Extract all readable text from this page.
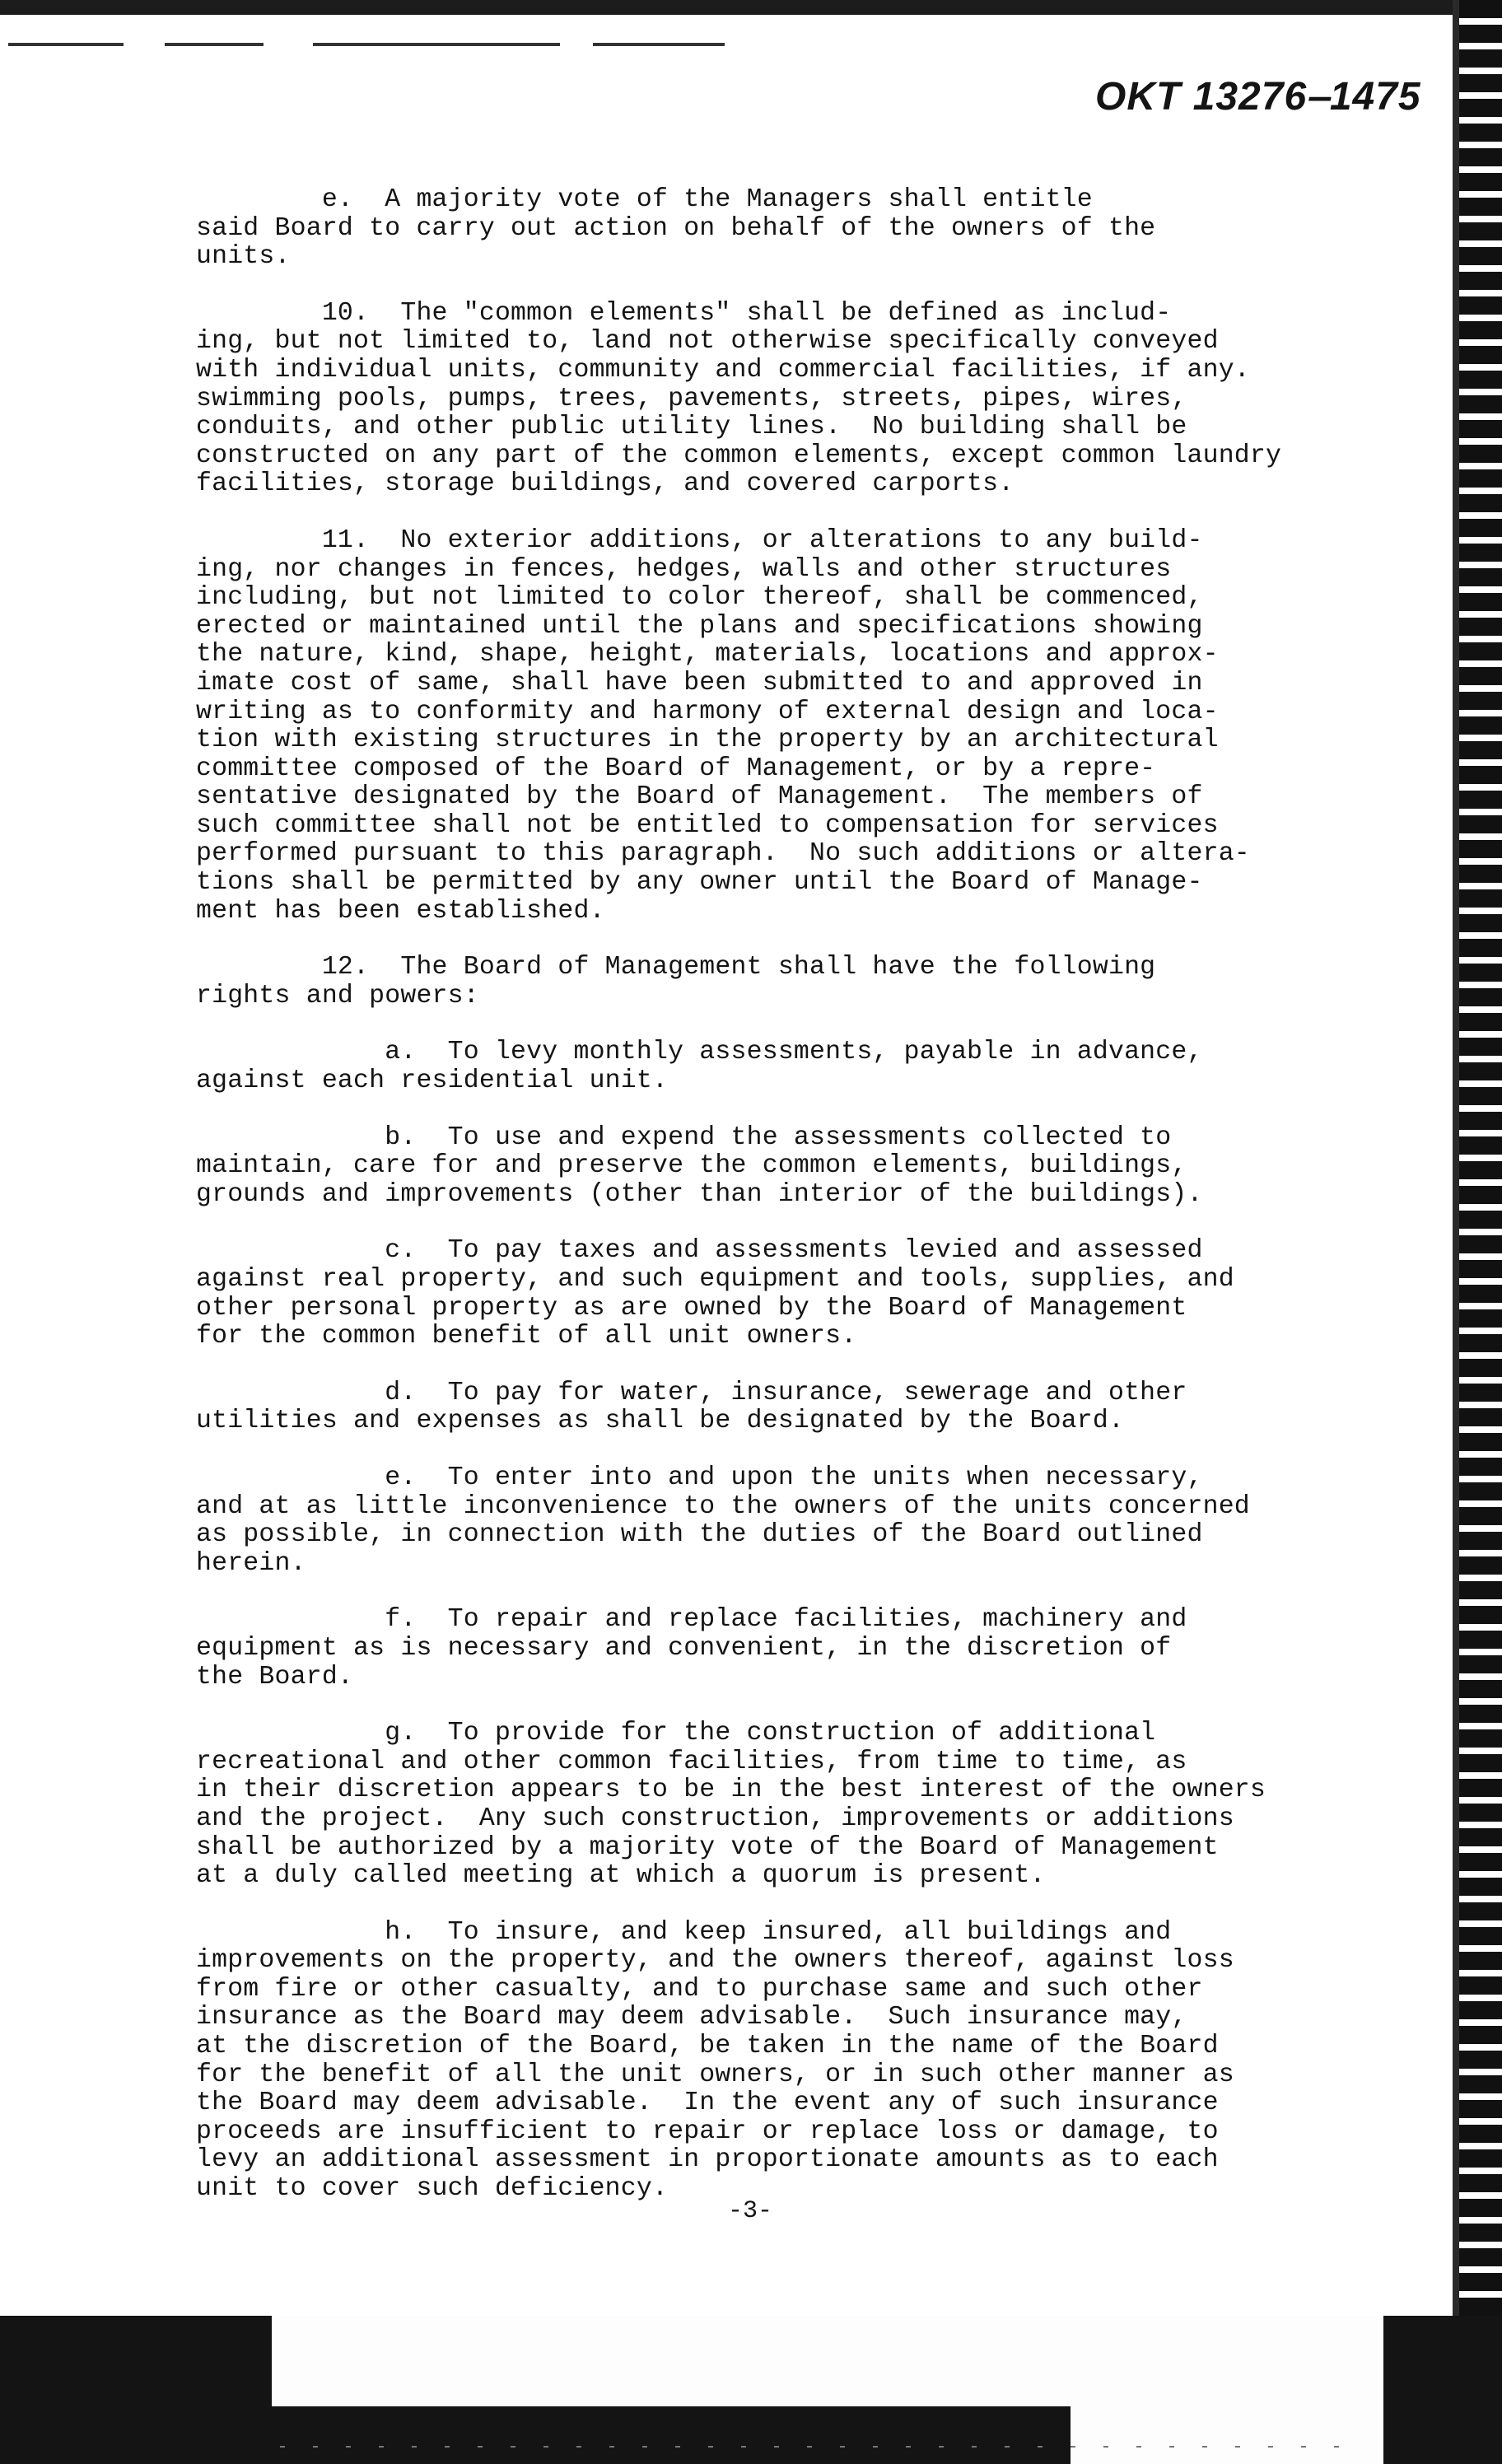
OKT 13276‒1475
e.  A majority vote of the Managers shall entitle
said Board to carry out action on behalf of the owners of the
units.
10.  The "common elements" shall be defined as includ-
ing, but not limited to, land not otherwise specifically conveyed
with individual units, community and commercial facilities, if any.
swimming pools, pumps, trees, pavements, streets, pipes, wires,
conduits, and other public utility lines.  No building shall be
constructed on any part of the common elements, except common laundry
facilities, storage buildings, and covered carports.
11.  No exterior additions, or alterations to any build-
ing, nor changes in fences, hedges, walls and other structures
including, but not limited to color thereof, shall be commenced,
erected or maintained until the plans and specifications showing
the nature, kind, shape, height, materials, locations and approx-
imate cost of same, shall have been submitted to and approved in
writing as to conformity and harmony of external design and loca-
tion with existing structures in the property by an architectural
committee composed of the Board of Management, or by a repre-
sentative designated by the Board of Management.  The members of
such committee shall not be entitled to compensation for services
performed pursuant to this paragraph.  No such additions or altera-
tions shall be permitted by any owner until the Board of Manage-
ment has been established.
12.  The Board of Management shall have the following
rights and powers:
a.  To levy monthly assessments, payable in advance,
against each residential unit.
b.  To use and expend the assessments collected to
maintain, care for and preserve the common elements, buildings,
grounds and improvements (other than interior of the buildings).
c.  To pay taxes and assessments levied and assessed
against real property, and such equipment and tools, supplies, and
other personal property as are owned by the Board of Management
for the common benefit of all unit owners.
d.  To pay for water, insurance, sewerage and other
utilities and expenses as shall be designated by the Board.
e.  To enter into and upon the units when necessary,
and at as little inconvenience to the owners of the units concerned
as possible, in connection with the duties of the Board outlined
herein.
f.  To repair and replace facilities, machinery and
equipment as is necessary and convenient, in the discretion of
the Board.
g.  To provide for the construction of additional
recreational and other common facilities, from time to time, as
in their discretion appears to be in the best interest of the owners
and the project.  Any such construction, improvements or additions
shall be authorized by a majority vote of the Board of Management
at a duly called meeting at which a quorum is present.
h.  To insure, and keep insured, all buildings and
improvements on the property, and the owners thereof, against loss
from fire or other casualty, and to purchase same and such other
insurance as the Board may deem advisable.  Such insurance may,
at the discretion of the Board, be taken in the name of the Board
for the benefit of all the unit owners, or in such other manner as
the Board may deem advisable.  In the event any of such insurance
proceeds are insufficient to repair or replace loss or damage, to
levy an additional assessment in proportionate amounts as to each
unit to cover such deficiency.
-3-
